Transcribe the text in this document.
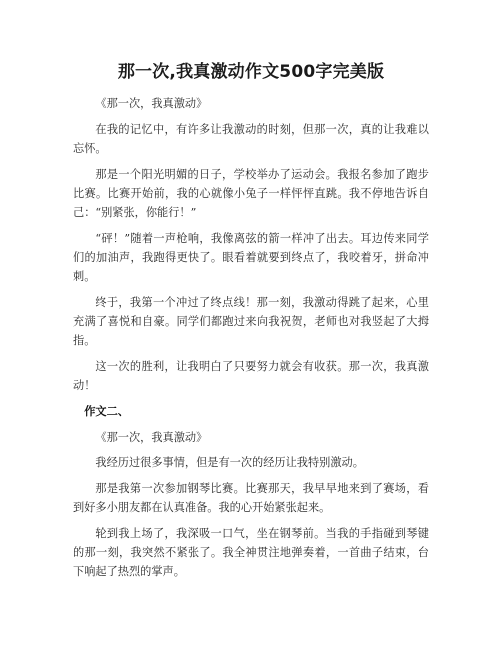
那一次,我真激动作文500字完美版

《那一次，我真激动》

在我的记忆中，有许多让我激动的时刻，但那一次，真的让我难以忘怀。

那是一个阳光明媚的日子，学校举办了运动会。我报名参加了跑步比赛。比赛开始前，我的心就像小兔子一样怦怦直跳。我不停地告诉自己：“别紧张，你能行！”

“砰！”随着一声枪响，我像离弦的箭一样冲了出去。耳边传来同学们的加油声，我跑得更快了。眼看着就要到终点了，我咬着牙，拼命冲刺。

终于，我第一个冲过了终点线！那一刻，我激动得跳了起来，心里充满了喜悦和自豪。同学们都跑过来向我祝贺，老师也对我竖起了大拇指。

这一次的胜利，让我明白了只要努力就会有收获。那一次，我真激动！

作文二、

《那一次，我真激动》

我经历过很多事情，但是有一次的经历让我特别激动。

那是我第一次参加钢琴比赛。比赛那天，我早早地来到了赛场，看到好多小朋友都在认真准备。我的心开始紧张起来。

轮到我上场了，我深吸一口气，坐在钢琴前。当我的手指碰到琴键的那一刻，我突然不紧张了。我全神贯注地弹奏着，一首曲子结束，台下响起了热烈的掌声。
